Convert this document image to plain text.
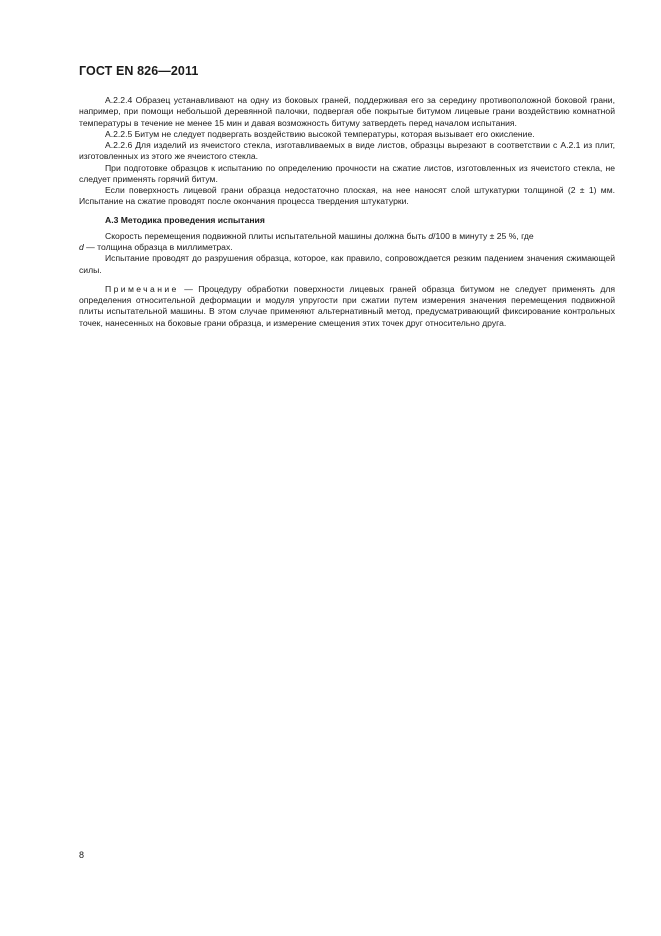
ГОСТ EN 826—2011

А.2.2.4 Образец устанавливают на одну из боковых граней, поддерживая его за середину противоположной боковой грани, например, при помощи небольшой деревянной палочки, подвергая обе покрытые битумом лицевые грани воздействию комнатной температуры в течение не менее 15 мин и давая возможность битуму затвердеть перед началом испытания.

А.2.2.5 Битум не следует подвергать воздействию высокой температуры, которая вызывает его окисление.

А.2.2.6 Для изделий из ячеистого стекла, изготавливаемых в виде листов, образцы вырезают в соответствии с А.2.1 из плит, изготовленных из этого же ячеистого стекла.

При подготовке образцов к испытанию по определению прочности на сжатие листов, изготовленных из ячеистого стекла, не следует применять горячий битум.

Если поверхность лицевой грани образца недостаточно плоская, на нее наносят слой штукатурки толщиной (2 ± 1) мм. Испытание на сжатие проводят после окончания процесса твердения штукатурки.

А.3 Методика проведения испытания

Скорость перемещения подвижной плиты испытательной машины должна быть d/100 в минуту ± 25 %, где
d — толщина образца в миллиметрах.

Испытание проводят до разрушения образца, которое, как правило, сопровождается резким падением значения сжимающей силы.

Примечание — Процедуру обработки поверхности лицевых граней образца битумом не следует применять для определения относительной деформации и модуля упругости при сжатии путем измерения значения перемещения подвижной плиты испытательной машины. В этом случае применяют альтернативный метод, предусматривающий фиксирование контрольных точек, нанесенных на боковые грани образца, и измерение смещения этих точек друг относительно друга.

8
